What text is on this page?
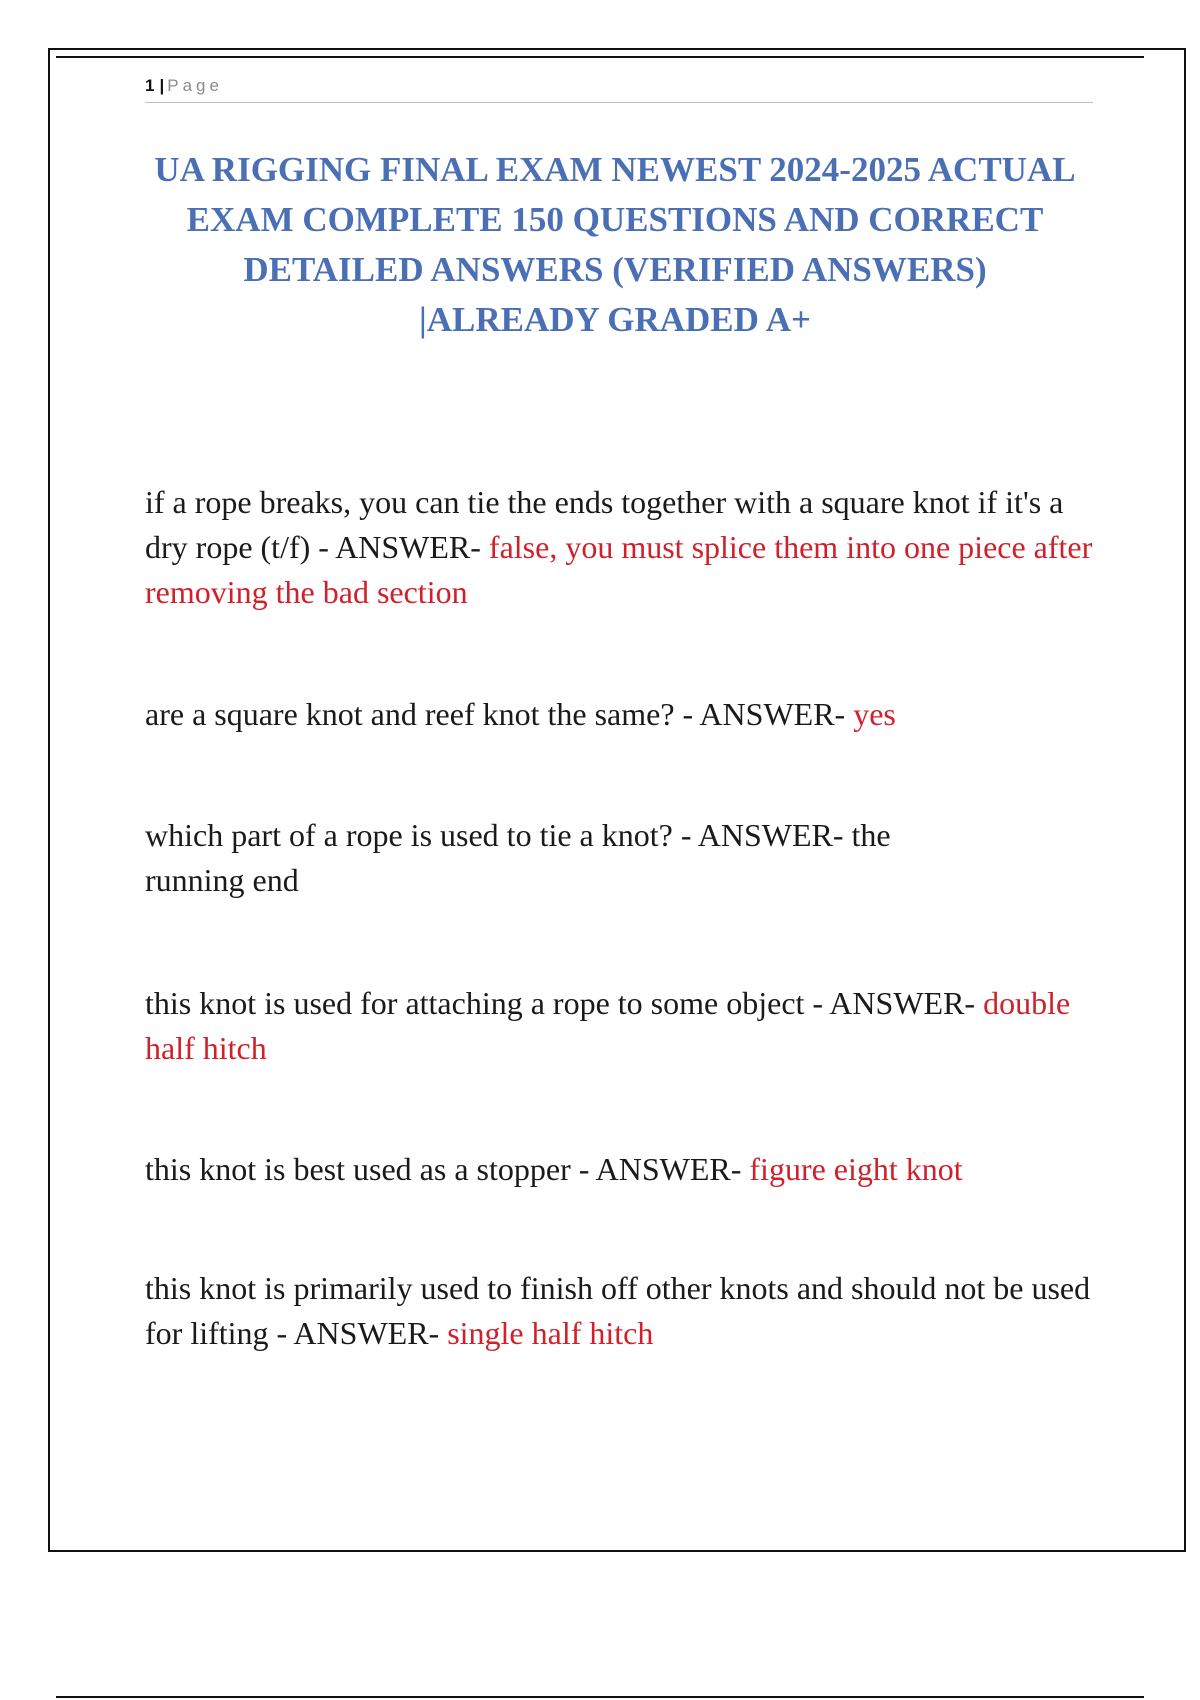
1 | Page
UA RIGGING FINAL EXAM NEWEST 2024-2025 ACTUAL EXAM COMPLETE 150 QUESTIONS AND CORRECT DETAILED ANSWERS (VERIFIED ANSWERS) |ALREADY GRADED A+

if a rope breaks, you can tie the ends together with a square knot if it's a dry rope (t/f) - ANSWER- false, you must splice them into one piece after removing the bad section

are a square knot and reef knot the same? - ANSWER- yes

which part of a rope is used to tie a knot? - ANSWER- the running end

this knot is used for attaching a rope to some object - ANSWER- double half hitch

this knot is best used as a stopper - ANSWER- figure eight knot

this knot is primarily used to finish off other knots and should not be used for lifting - ANSWER- single half hitch
